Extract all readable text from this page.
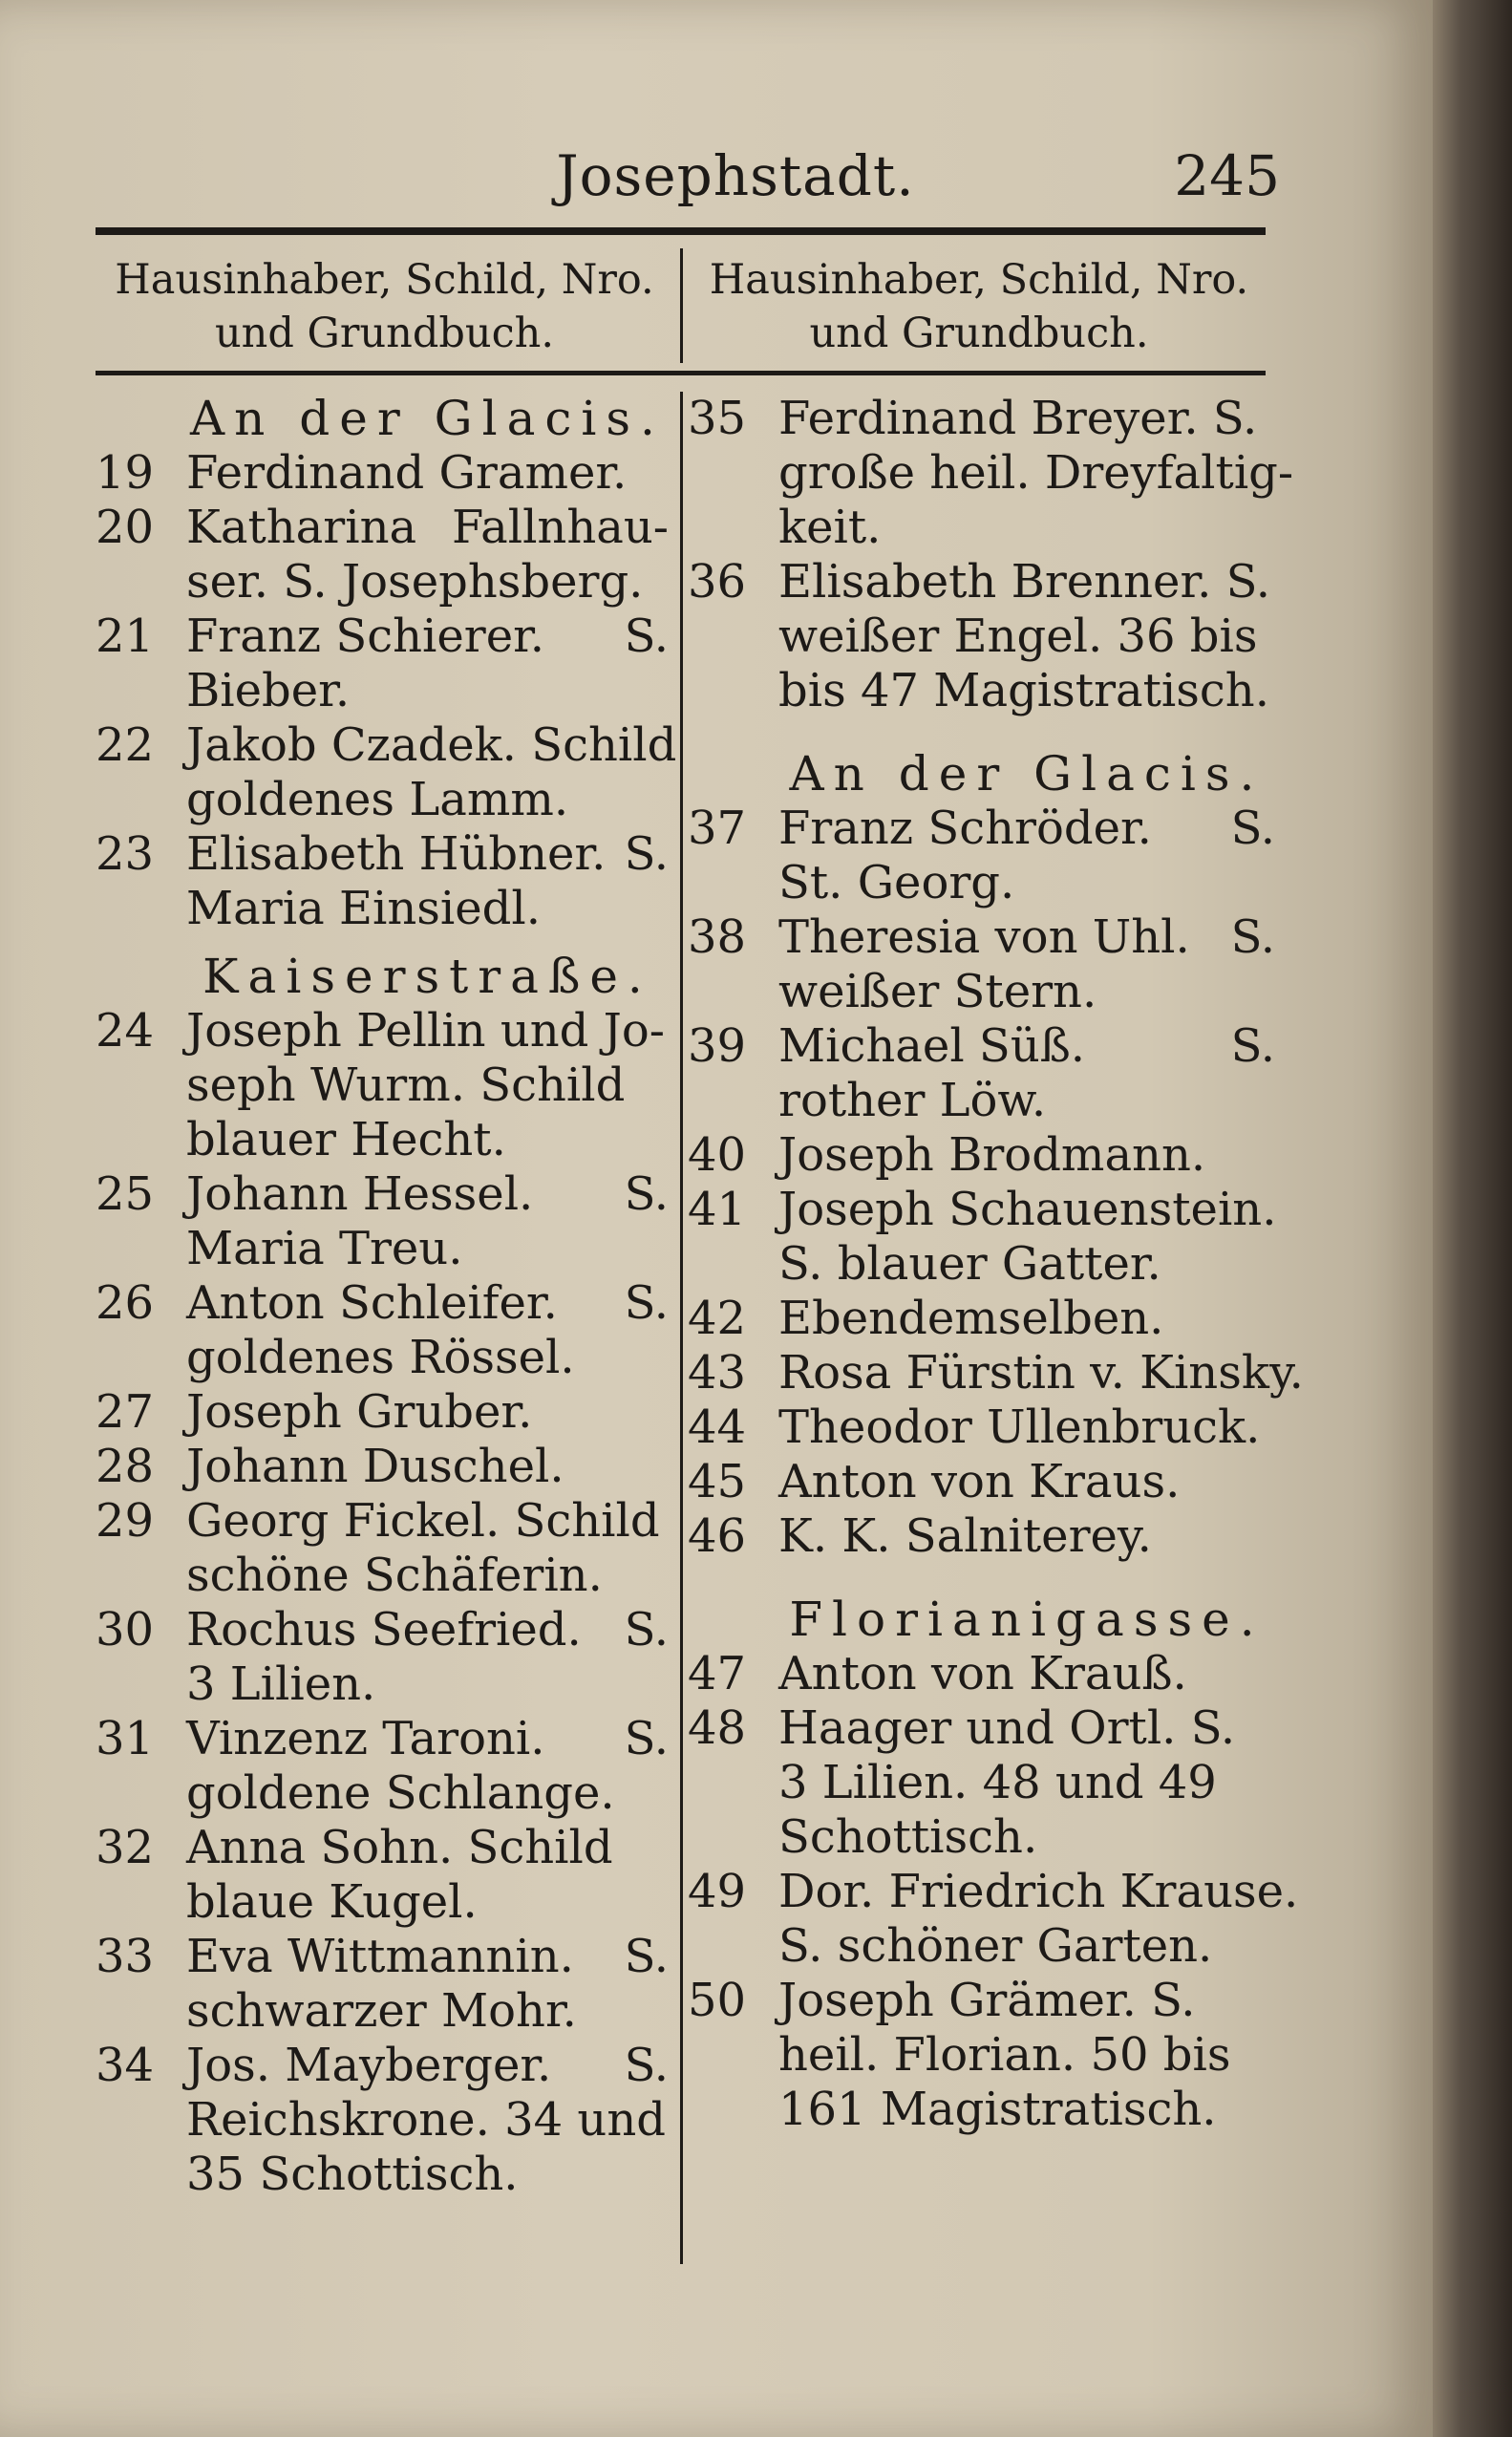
Josephstadt.	245
Hausinhaber, Schild, Nro.
und Grundbuch.
Hausinhaber, Schild, Nro.
und Grundbuch.
An der Glacis.
19 Ferdinand Gramer.
20 Katharina Fallnhau-
ser. S. Josephsberg.
21 Franz Schierer. S.
Bieber.
22 Jakob Czadek. Schild
goldenes Lamm.
23 Elisabeth Hübner. S.
Maria Einsiedl.
Kaiserstraße.
24 Joseph Pellin und Jo-
seph Wurm. Schild
blauer Hecht.
25 Johann Hessel. S.
Maria Treu.
26 Anton Schleifer. S.
goldenes Rössel.
27 Joseph Gruber.
28 Johann Duschel.
29 Georg Fickel. Schild
schöne Schäferin.
30 Rochus Seefried. S.
3 Lilien.
31 Vinzenz Taroni. S.
goldene Schlange.
32 Anna Sohn. Schild
blaue Kugel.
33 Eva Wittmannin. S.
schwarzer Mohr.
34 Jos. Mayberger. S.
Reichskrone. 34 und
35 Schottisch.
35 Ferdinand Breyer. S.
große heil. Dreyfaltig-
keit.
36 Elisabeth Brenner. S.
weißer Engel. 36 bis
bis 47 Magistratisch.
An der Glacis.
37 Franz Schröder. S.
St. Georg.
38 Theresia von Uhl. S.
weißer Stern.
39 Michael Süß.	S.
rother Löw.
40 Joseph Brodmann.
41 Joseph Schauenstein.
S. blauer Gatter.
42 Ebendemselben.
43 Rosa Fürstin v. Kinsky.
44 Theodor Ullenbruck.
45 Anton von Kraus.
46 K. K. Salniterey.
Florianigasse.
47 Anton von Krauß.
48 Haager und Ortl. S.
3 Lilien. 48 und 49
Schottisch.
49 Dor. Friedrich Krause.
S. schöner Garten.
50 Joseph Grämer. S.
heil. Florian. 50 bis
161 Magistratisch.
